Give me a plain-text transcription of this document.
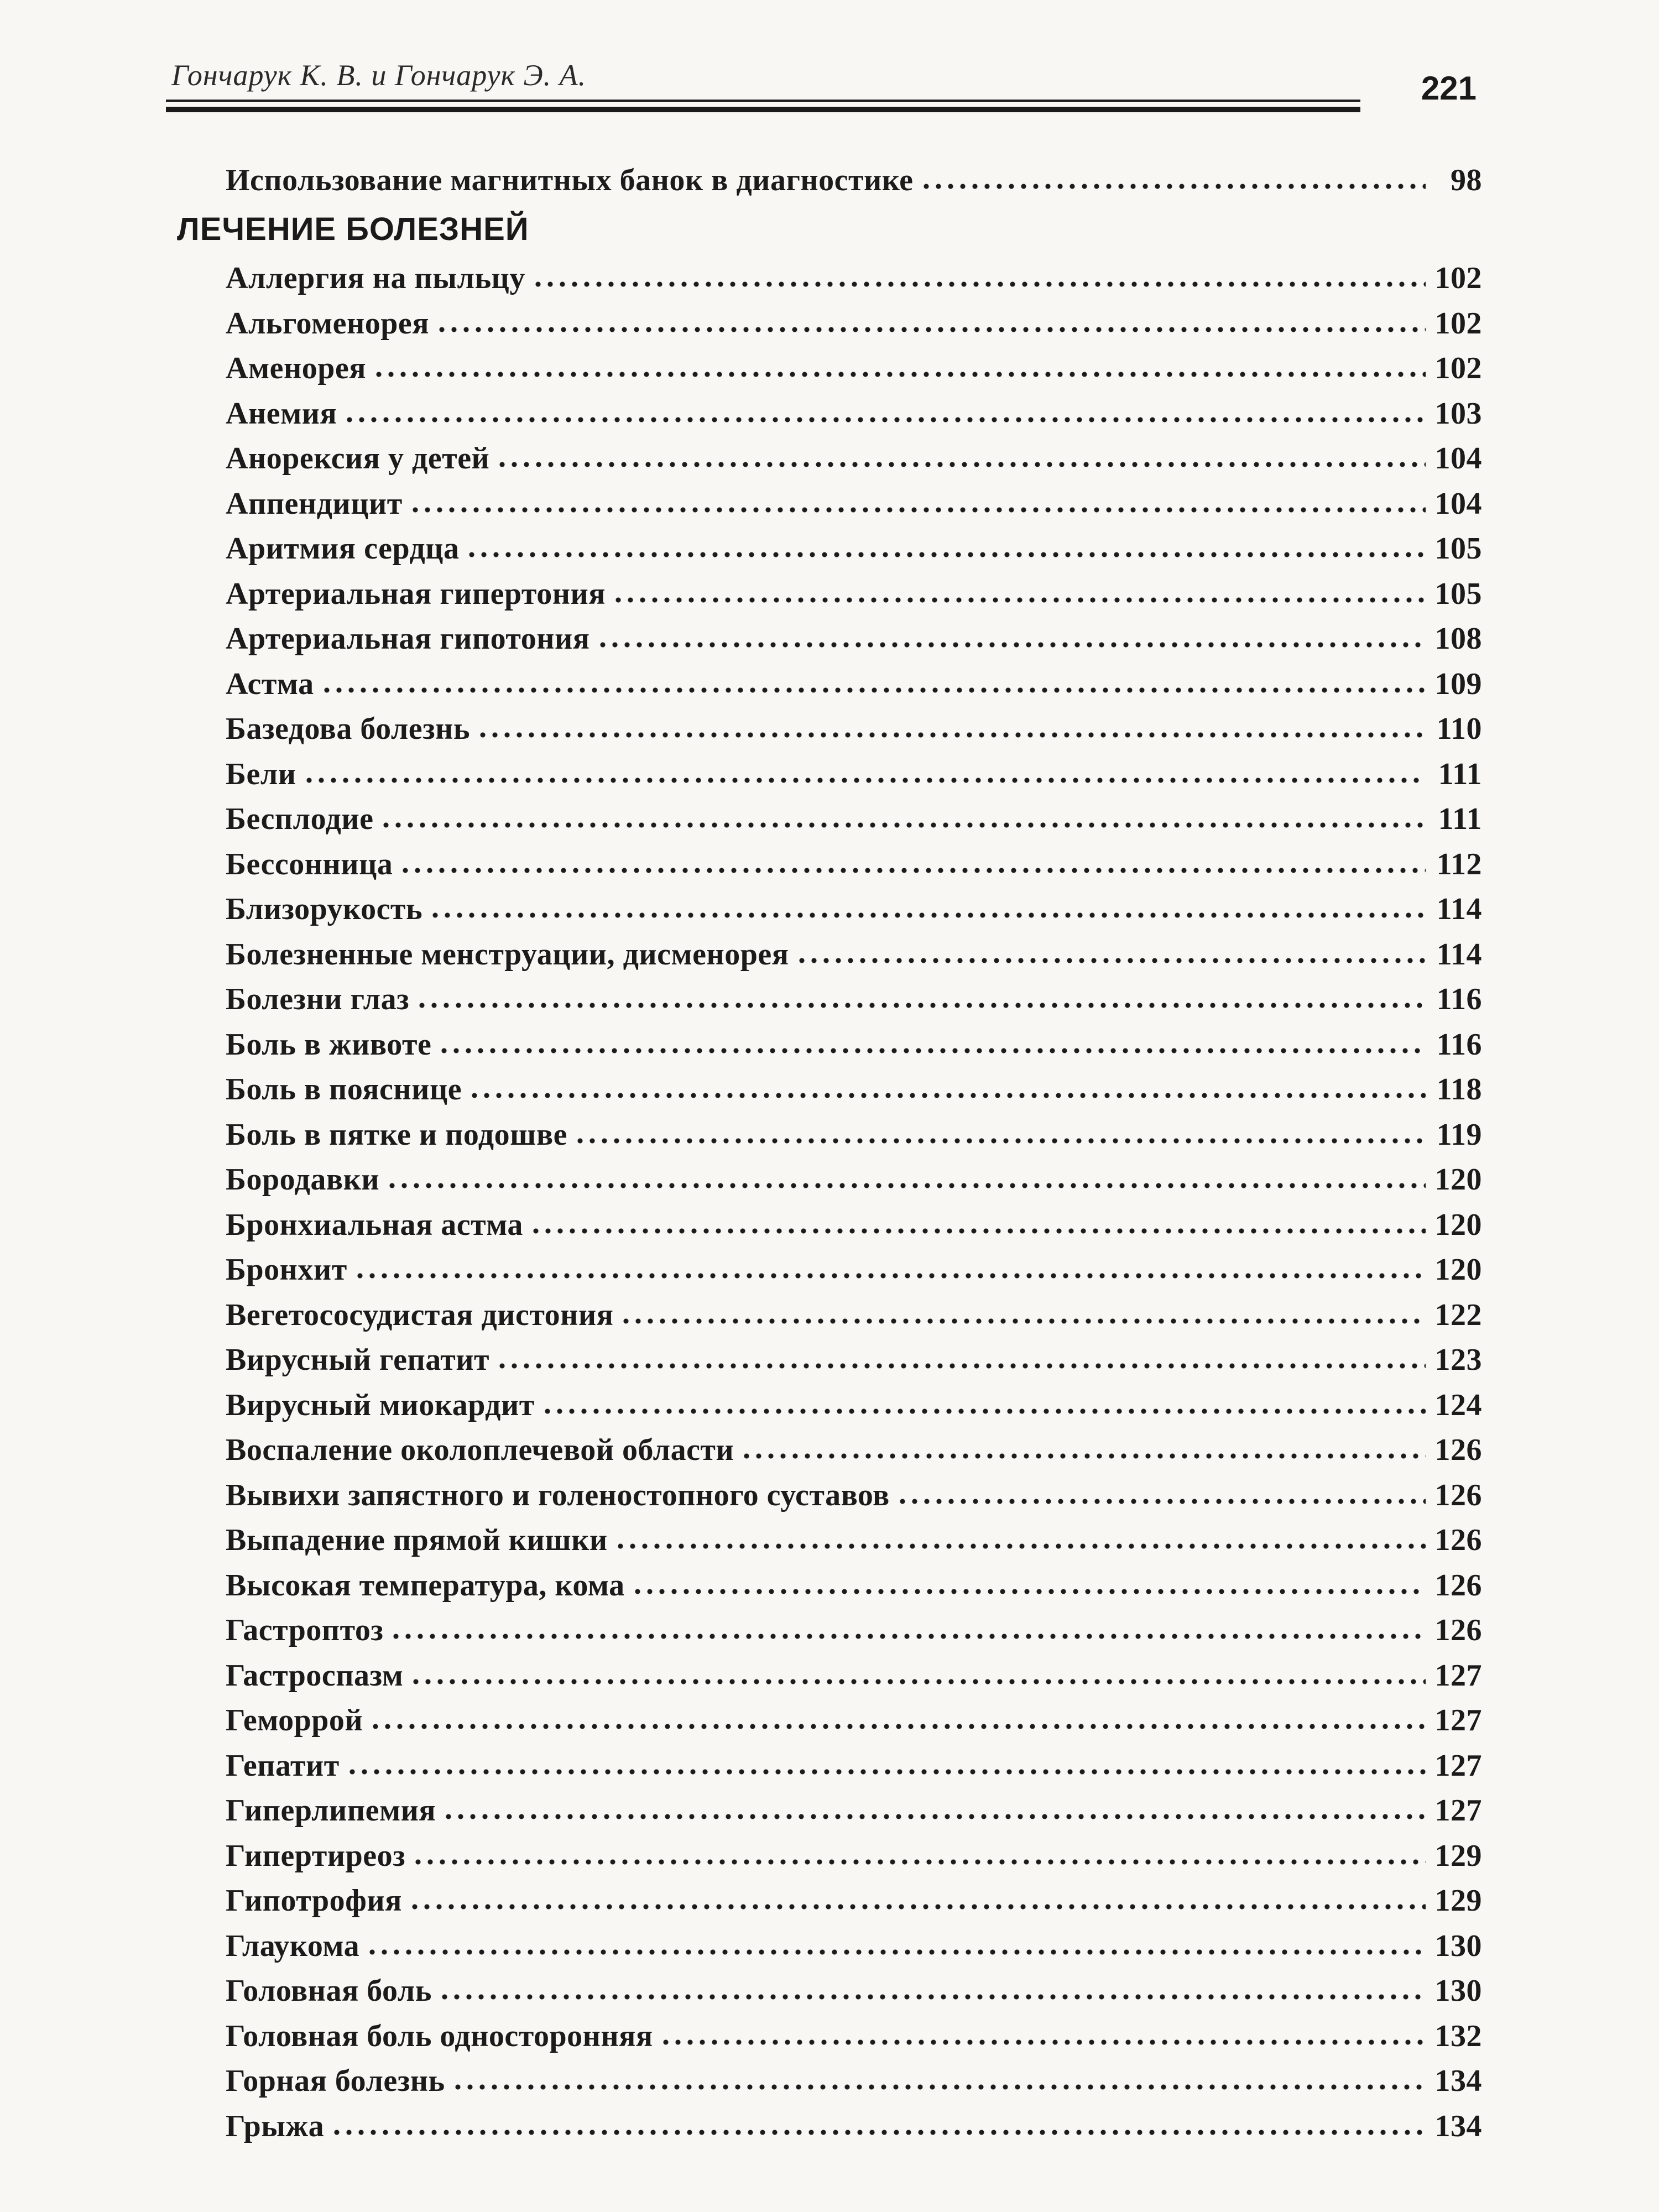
Гончарук К. В. и Гончарук Э. А.	221
Использование магнитных банок в диагностике	98
ЛЕЧЕНИЕ БОЛЕЗНЕЙ
Аллергия на пыльцу	102
Альгоменорея	102
Аменорея	102
Анемия	103
Анорексия у детей	104
Аппендицит	104
Аритмия сердца	105
Артериальная гипертония	105
Артериальная гипотония	108
Астма	109
Базедова болезнь	110
Бели	111
Бесплодие	111
Бессонница	112
Близорукость	114
Болезненные менструации, дисменорея	114
Болезни глаз	116
Боль в животе	116
Боль в пояснице	118
Боль в пятке и подошве	119
Бородавки	120
Бронхиальная астма	120
Бронхит	120
Вегетососудистая дистония	122
Вирусный гепатит	123
Вирусный миокардит	124
Воспаление околоплечевой области	126
Вывихи запястного и голеностопного суставов	126
Выпадение прямой кишки	126
Высокая температура, кома	126
Гастроптоз	126
Гастроспазм	127
Геморрой	127
Гепатит	127
Гиперлипемия	127
Гипертиреоз	129
Гипотрофия	129
Глаукома	130
Головная боль	130
Головная боль односторонняя	132
Горная болезнь	134
Грыжа	134
